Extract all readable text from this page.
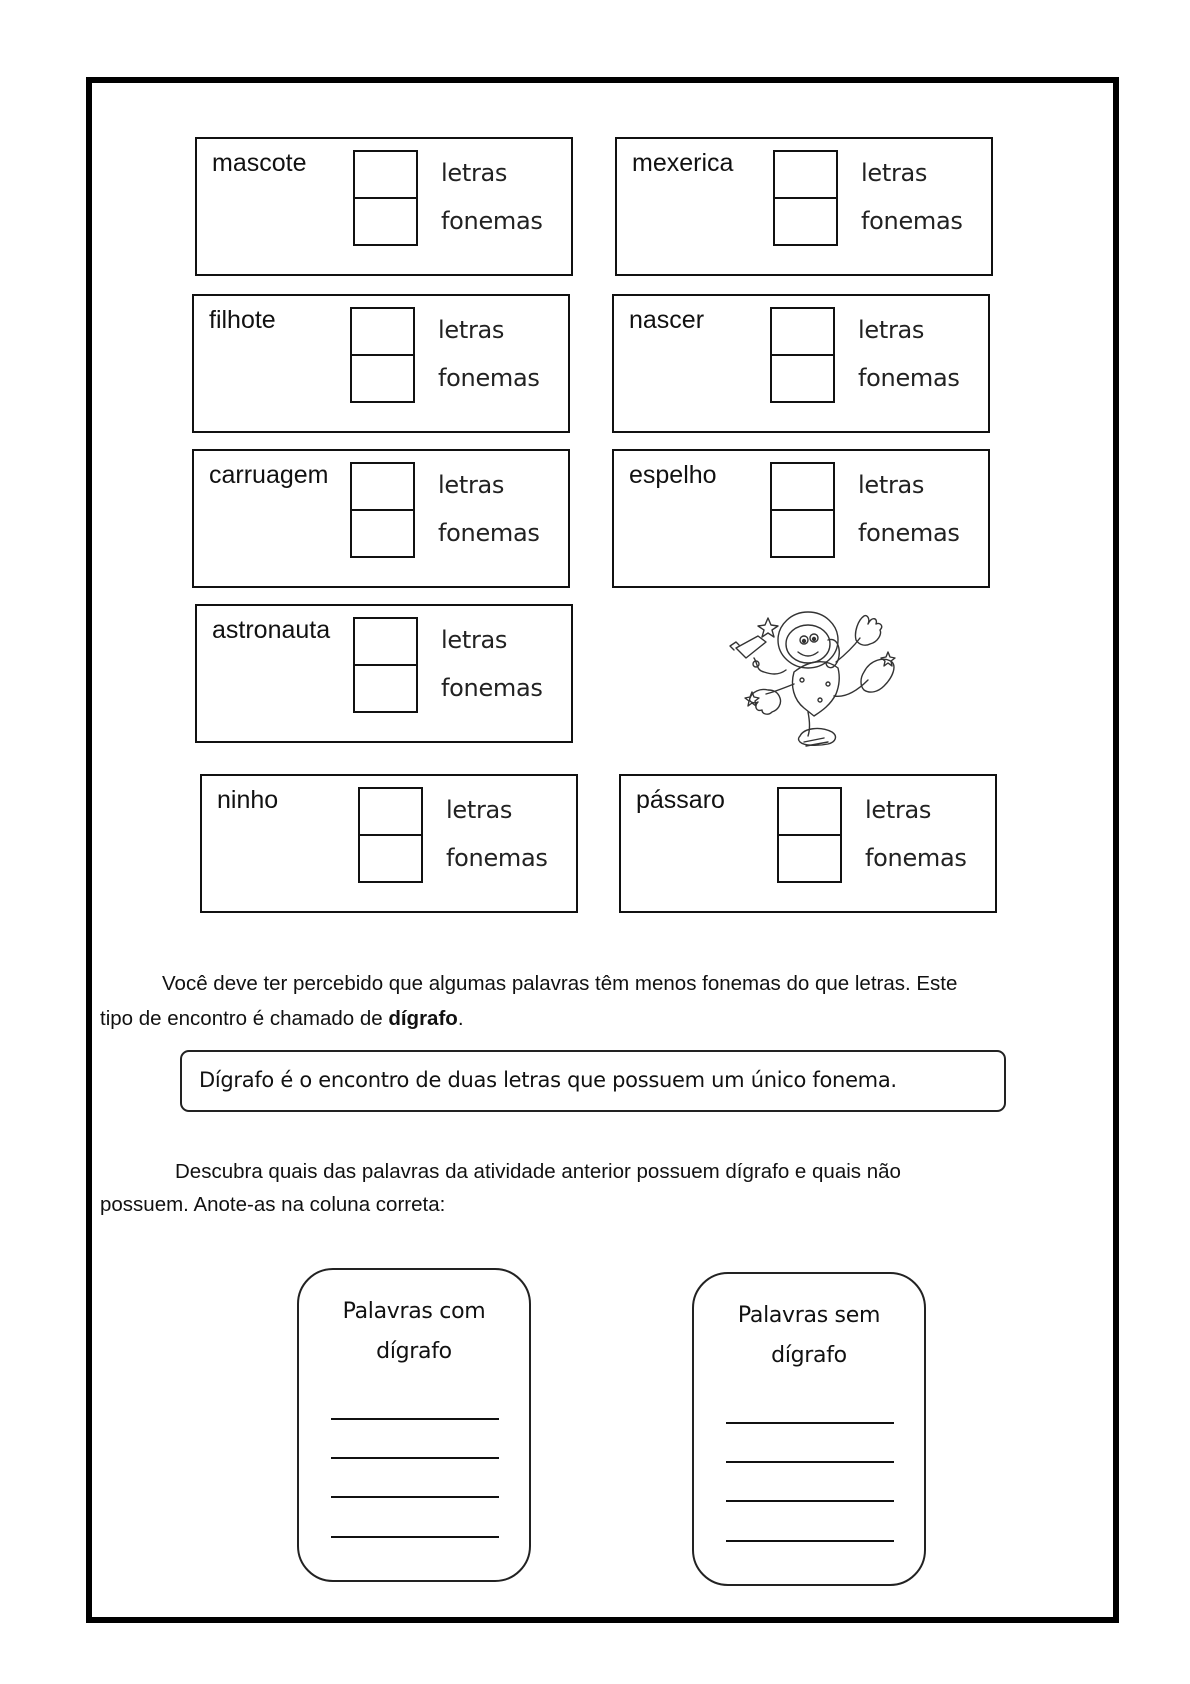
mascote	letras
fonemas
mexerica	letras
fonemas
filhote	letras
fonemas
nascer	letras
fonemas
carruagem	letras
fonemas
espelho	letras
fonemas
astronauta	letras
fonemas
ninho	letras
fonemas
pássaro	letras
fonemas
Você deve ter percebido que algumas palavras têm menos fonemas do que letras. Este
tipo de encontro é chamado de dígrafo.
Dígrafo é o encontro de duas letras que possuem um único fonema.
Descubra quais das palavras da atividade anterior possuem dígrafo e quais não
possuem. Anote-as na coluna correta:
Palavras com
dígrafo
Palavras sem
dígrafo
